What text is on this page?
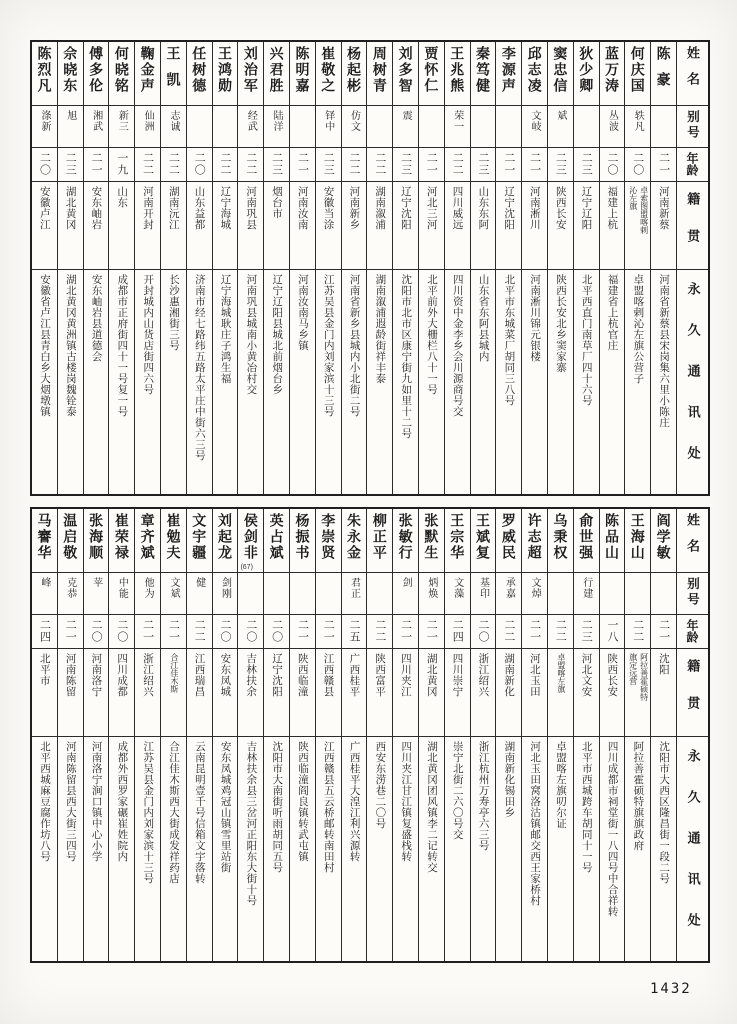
姓名
别号
年龄
籍贯
永久通讯处
陈豪
二一
河南新蔡
河南省新蔡县宋岗集六里小陈庄
何庆国
轶凡
二〇
卓索图盟喀剌沁左旗
卓盟喀剌沁左旗公营子
蓝万涛
丛波
二〇
福建上杭
福建省上杭官庄
狄少卿
二三
辽宁辽阳
北平西直门南草厂四十六号
窦忠信
斌
二三
陕西长安
陕西长安北乡窦家寨
邱志凌
文岐
二一
河南淅川
河南淅川锦元银楼
李源声
二一
辽宁沈阳
北平市东城菜厂胡同三八号
秦笃健
二三
山东东阿
山东省东阿县城内
王兆熊
荣一
二二
四川威远
四川资中金李乡会川源商号交
贾怀仁
二一
河北三河
北平前外大栅栏八十一号
刘多智
震
二三
辽宁沈阳
沈阳市北市区康宁街九如里十二号
周树青
二二
湖南溆浦
湖南溆浦遐龄街祥丰泰
杨起彬
仿文
二二
河南新乡
河南省新乡县城内小北街二号
崔敬之
铎中
二三
安徽当涂
江苏吴县金门内刘家滨十三号
陈明嘉
二一
河南汝南
河南汝南马乡镇
兴君胜
陆洋
二三
烟台市
辽宁辽阳县城北前烟台乡
刘治军
经武
二二
河南巩县
河南巩县城南小黄冶村交
王鸿勋
二二
辽宁海城
辽宁海城耿庄子鸿生福
任树德
二〇
山东益都
济南市经七路纬五路太平庄中街六三号
王凯
志诚
二二
湖南沅江
长沙惠湘街三号
鞠金声
仙洲
二二
河南开封
开封城内山货店街四六号
何晓铭
新三
一九
山东
成都市正府街四十一号复一号
傅多伦
湘武
二一
安东岫岩
安东岫岩县道德会
佘晓东
旭
二三
湖北黄冈
湖北黄冈黄洲镇古楼岗魏铨泰
陈烈凡
涤新
二〇
安徽卢江
安徽省卢江县青白乡大烟墩镇
姓名
别号
年龄
籍贯
永久通讯处
阎学敏
二一
沈阳
沈阳市大西区隆昌街一段二号
王海山
二二
阿拉善霍硕特旗定远营
阿拉善霍硕特旗旗政府
陈品山
一八
陕西长安
四川成都市祠堂街一八四号中合祥转
俞世强
行建
二三
河北文安
北平市西城跨车胡同十一号
乌秉权
二二
卓盟喀左旗
卓盟喀左旗叨尔证
许志超
文焯
二一
河北玉田
河北玉田窝洛沽镇邮交西王家桥村
罗威民
承嘉
二二
湖南新化
湖南新化锡田乡
王斌复
基印
二〇
浙江绍兴
浙江杭州万寿亭六三号
王宗华
文藻
二四
四川崇宁
崇宁北街二六〇号交
张默生
炳焕
二一
湖北黄冈
湖北黄冈团风镇李二记转交
张敏行
剑
二一
四川夹江
四川夹江甘江镇复盛栈转
柳正平
二二
陕西富平
西安东涝巷二〇号
朱永金
君正
二五
广西桂平
广西桂平大湟江利兴源转
李崇贤
二一
江西赣县
江西赣县五云桥邮转南田村
杨振书
二一
陕西临潼
陕西临潼阎良镇转武屯镇
英占斌
二〇
辽宁沈阳
沈阳市大南街听雨胡同五号
侯剑非
(67)
二〇
吉林扶余
吉林扶余县三岔河正阳东大街十号
刘起龙
剑刚
二〇
安东凤城
安东凤城鸡冠山镇雪里站街
文宇疆
健
二二
江西瑞昌
云南昆明壹千号信箱文宇落转
崔勉夫
文斌
二一
合江佳木斯
合江佳木斯西大街成发祥药店
章齐斌
他为
二一
浙江绍兴
江苏吴县金门内刘家滨十三号
崔荣禄
中能
二〇
四川成都
成都外西罗家碾崔姓院内
张海顺
苹
二〇
河南洛宁
河南洛宁涧口镇中心小学
温启敬
克恭
二一
河南陈留
河南陈留县西大街三四号
马謇华
峰
二四
北平市
北平西城麻豆腐作坊八号
1432
